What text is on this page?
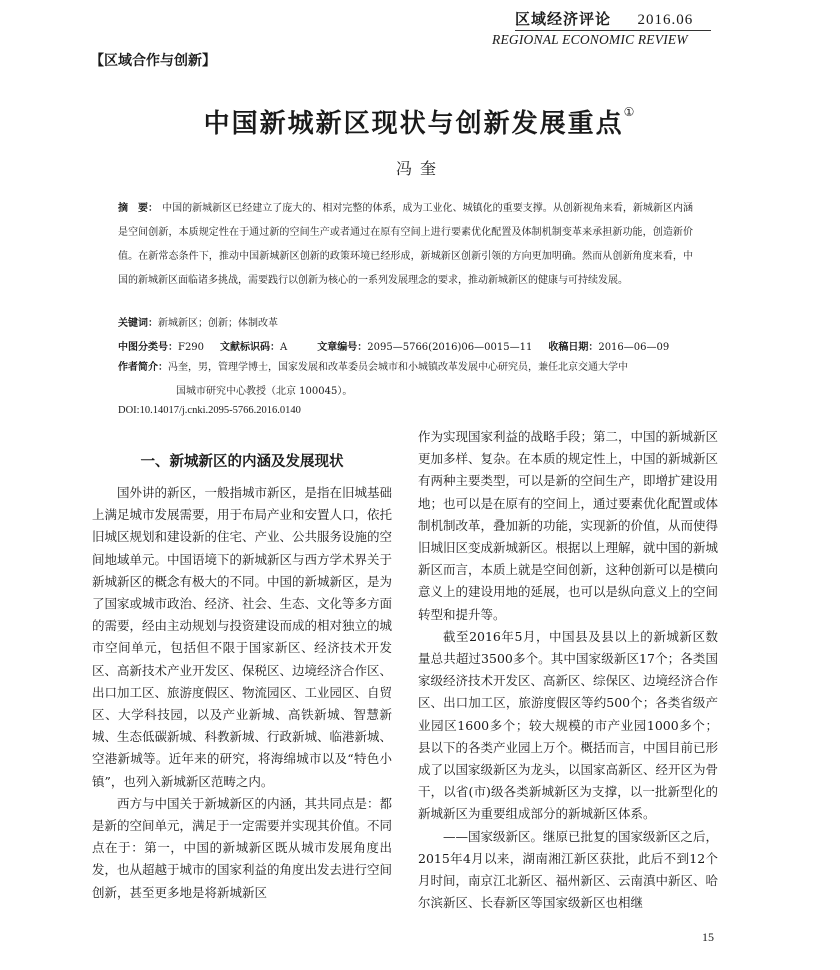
区域经济评论 2016.06
REGIONAL ECONOMIC REVIEW
【区域合作与创新】
中国新城新区现状与创新发展重点①
冯奎
摘　要： 中国的新城新区已经建立了庞大的、相对完整的体系，成为工业化、城镇化的重要支撑。从创新视角来看，新城新区内涵是空间创新，本质规定性在于通过新的空间生产或者通过在原有空间上进行要素优化配置及体制机制变革来承担新功能，创造新价值。在新常态条件下，推动中国新城新区创新的政策环境已经形成，新城新区创新引领的方向更加明确。然而从创新角度来看，中国的新城新区面临诸多挑战，需要践行以创新为核心的一系列发展理念的要求，推动新城新区的健康与可持续发展。
关键词：新城新区；创新；体制改革
中图分类号：F290 文献标识码：A	文章编号：2095—5766(2016)06—0015—11 收稿日期：2016—06—09
作者简介：冯奎，男，管理学博士，国家发展和改革委员会城市和小城镇改革发展中心研究员，兼任北京交通大学中
国城市研究中心教授（北京 100045）。
DOI:10.14017/j.cnki.2095-5766.2016.0140
一、新城新区的内涵及发展现状

国外讲的新区，一般指城市新区，是指在旧城基础上满足城市发展需要，用于布局产业和安置人口，依托旧城区规划和建设新的住宅、产业、公共服务设施的空间地域单元。中国语境下的新城新区与西方学术界关于新城新区的概念有极大的不同。中国的新城新区，是为了国家或城市政治、经济、社会、生态、文化等多方面的需要，经由主动规划与投资建设而成的相对独立的城市空间单元，包括但不限于国家新区、经济技术开发区、高新技术产业开发区、保税区、边境经济合作区、出口加工区、旅游度假区、物流园区、工业园区、自贸区、大学科技园，以及产业新城、高铁新城、智慧新城、生态低碳新城、科教新城、行政新城、临港新城、空港新城等。近年来的研究，将海绵城市以及“特色小镇”，也列入新城新区范畴之内。

西方与中国关于新城新区的内涵，其共同点是：都是新的空间单元，满足于一定需要并实现其价值。不同点在于：第一，中国的新城新区既从城市发展角度出发，也从超越于城市的国家利益的角度出发去进行空间创新，甚至更多地是将新城新区

作为实现国家利益的战略手段；第二，中国的新城新区更加多样、复杂。在本质的规定性上，中国的新城新区有两种主要类型，可以是新的空间生产，即增扩建设用地；也可以是在原有的空间上，通过要素优化配置或体制机制改革，叠加新的功能，实现新的价值，从而使得旧城旧区变成新城新区。根据以上理解，就中国的新城新区而言，本质上就是空间创新，这种创新可以是横向意义上的建设用地的延展，也可以是纵向意义上的空间转型和提升等。

截至2016年5月，中国县及县以上的新城新区数量总共超过3500多个。其中国家级新区17个；各类国家级经济技术开发区、高新区、综保区、边境经济合作区、出口加工区，旅游度假区等约500个；各类省级产业园区1600多个；较大规模的市产业园1000多个；县以下的各类产业园上万个。概括而言，中国目前已形成了以国家级新区为龙头，以国家高新区、经开区为骨干，以省(市)级各类新城新区为支撑，以一批新型化的新城新区为重要组成部分的新城新区体系。

——国家级新区。继原已批复的国家级新区之后，2015年4月以来，湖南湘江新区获批，此后不到12个月时间，南京江北新区、福州新区、云南滇中新区、哈尔滨新区、长春新区等国家级新区也相继

15
